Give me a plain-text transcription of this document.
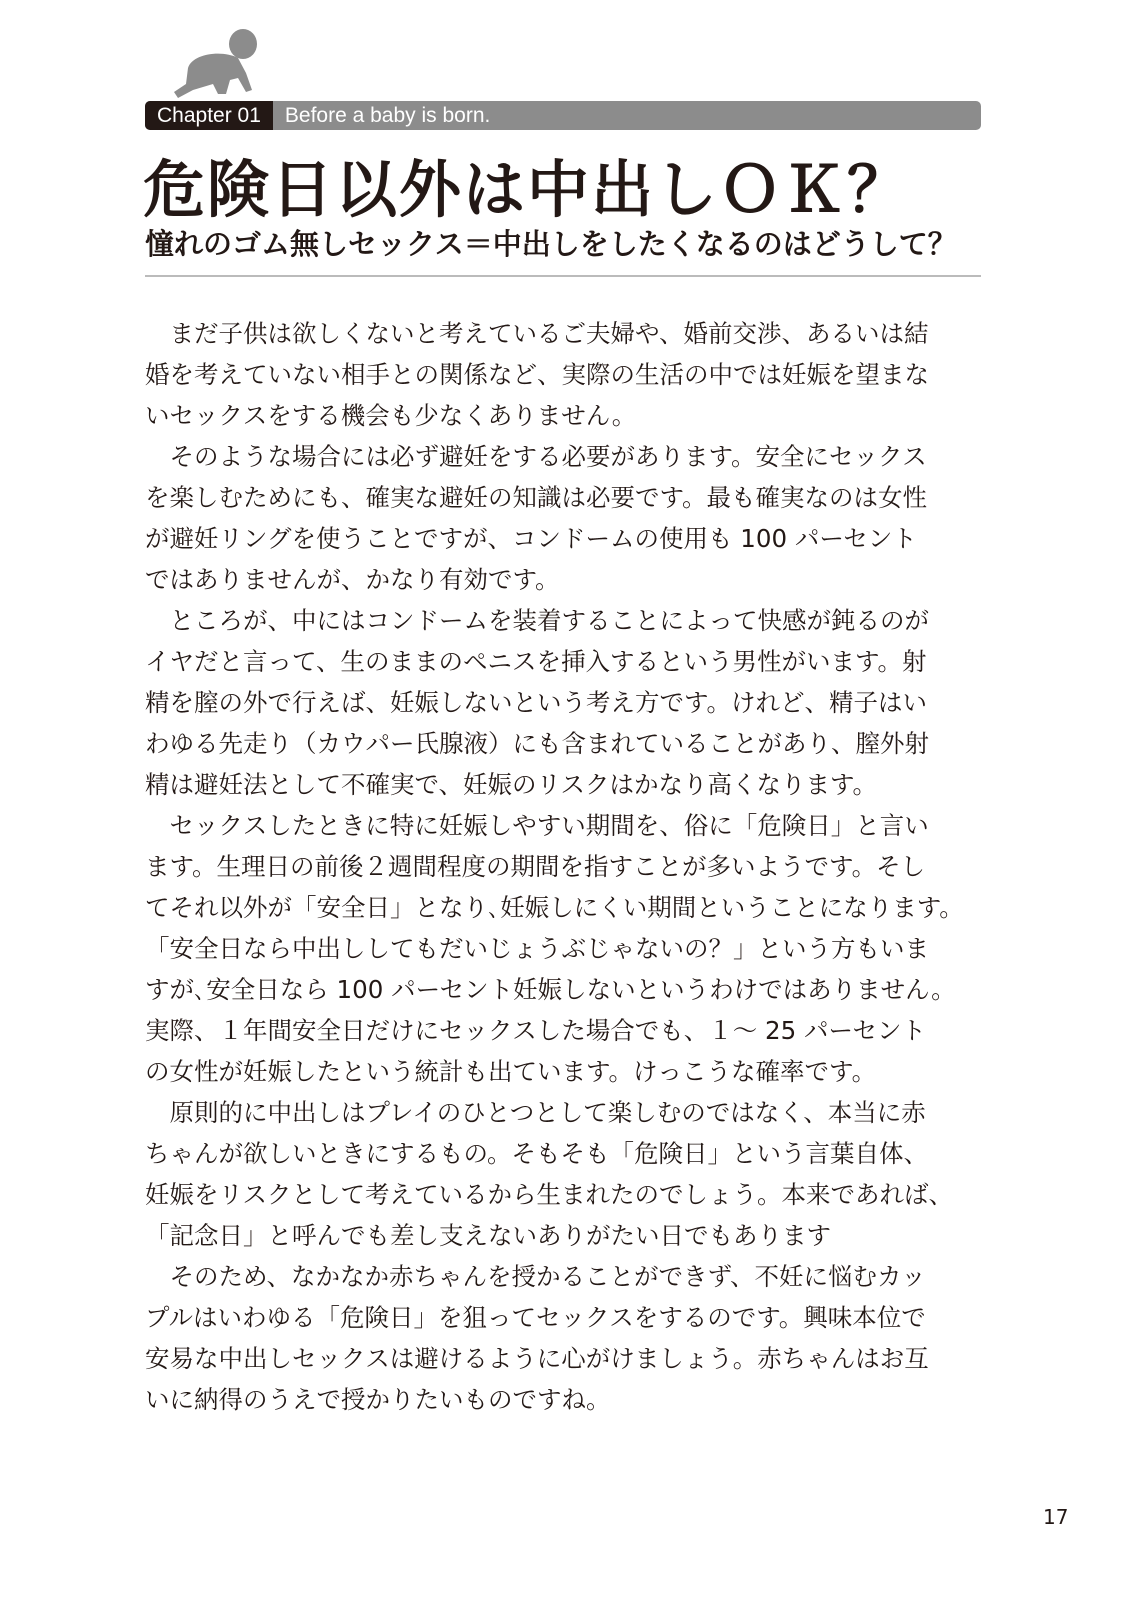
Chapter 01	Before a baby is born.
危険日以外は中出しＯＫ？
憧れのゴム無しセックス＝中出しをしたくなるのはどうして？
　まだ子供は欲しくないと考えているご夫婦や、婚前交渉、あるいは結
婚を考えていない相手との関係など、実際の生活の中では妊娠を望まな
いセックスをする機会も少なくありません。
　そのような場合には必ず避妊をする必要があります。安全にセックス
を楽しむためにも、確実な避妊の知識は必要です。最も確実なのは女性
が避妊リングを使うことですが、コンドームの使用も 100 パーセント
ではありませんが、かなり有効です。
　ところが、中にはコンドームを装着することによって快感が鈍るのが
イヤだと言って、生のままのペニスを挿入するという男性がいます。射
精を膣の外で行えば、妊娠しないという考え方です。けれど、精子はい
わゆる先走り（カウパー氏腺液）にも含まれていることがあり、膣外射
精は避妊法として不確実で、妊娠のリスクはかなり高くなります。
　セックスしたときに特に妊娠しやすい期間を、俗に「危険日」と言い
ます。生理日の前後２週間程度の期間を指すことが多いようです。そし
てそれ以外が「安全日」となり､妊娠しにくい期間ということになります。
「安全日なら中出ししてもだいじょうぶじゃないの？」という方もいま
すが､安全日なら 100 パーセント妊娠しないというわけではありません。
実際、１年間安全日だけにセックスした場合でも、１～ 25 パーセント
の女性が妊娠したという統計も出ています。けっこうな確率です。
　原則的に中出しはプレイのひとつとして楽しむのではなく、本当に赤
ちゃんが欲しいときにするもの。そもそも「危険日」という言葉自体、
妊娠をリスクとして考えているから生まれたのでしょう。本来であれば、
「記念日」と呼んでも差し支えないありがたい日でもあります
　そのため、なかなか赤ちゃんを授かることができず、不妊に悩むカッ
プルはいわゆる「危険日」を狙ってセックスをするのです。興味本位で
安易な中出しセックスは避けるように心がけましょう。赤ちゃんはお互
いに納得のうえで授かりたいものですね。
17
